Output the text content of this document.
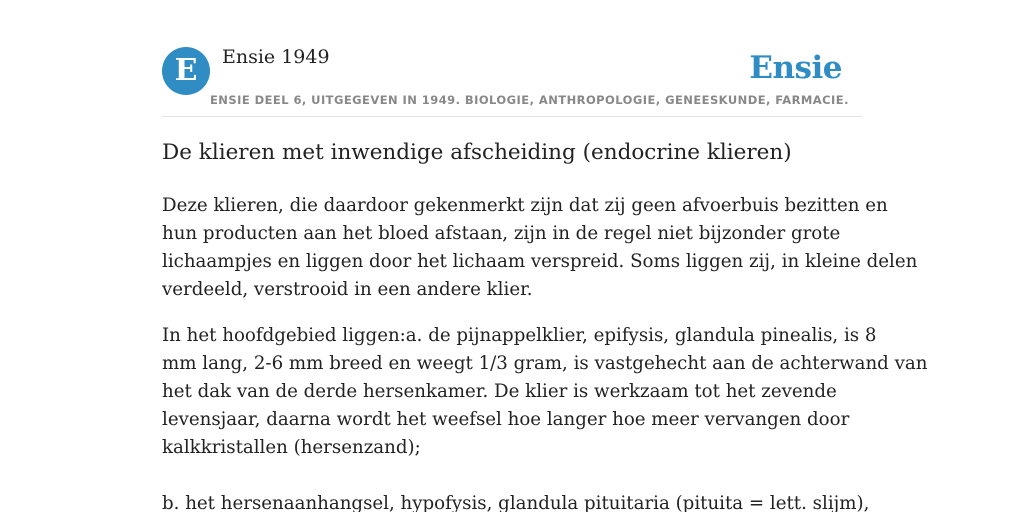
E	Ensie 1949
ENSIE DEEL 6, UITGEGEVEN IN 1949. BIOLOGIE, ANTHROPOLOGIE, GENEESKUNDE, FARMACIE.
Ensie
De klieren met inwendige afscheiding (endocrine klieren)

Deze klieren, die daardoor gekenmerkt zijn dat zij geen afvoerbuis bezitten en
hun producten aan het bloed afstaan, zijn in de regel niet bijzonder grote
lichaampjes en liggen door het lichaam verspreid. Soms liggen zij, in kleine delen
verdeeld, verstrooid in een andere klier.

In het hoofdgebied liggen:a. de pijnappelklier, epifysis, glandula pinealis, is 8
mm lang, 2-6 mm breed en weegt 1/3 gram, is vastgehecht aan de achterwand van
het dak van de derde hersenkamer. De klier is werkzaam tot het zevende
levensjaar, daarna wordt het weefsel hoe langer hoe meer vervangen door
kalkkristallen (hersenzand);
b. het hersenaanhangsel, hypofysis, glandula pituitaria (pituita = lett. slijm),
